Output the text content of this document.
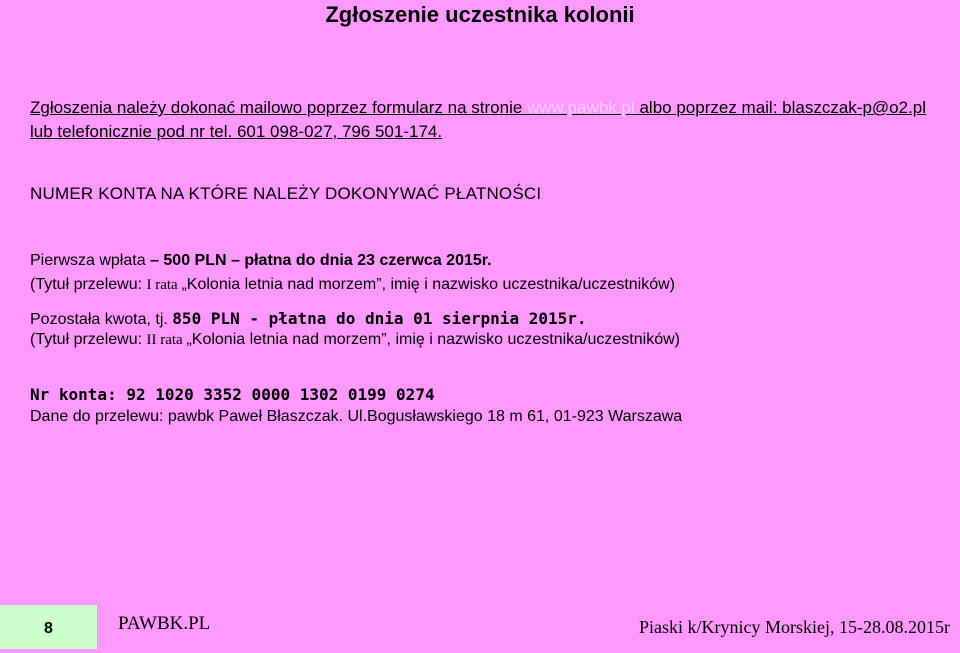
Zgłoszenie uczestnika kolonii
Zgłoszenia należy dokonać mailowo poprzez formularz na stronie www.pawbk.pl albo poprzez mail: blaszczak-p@o2.pl lub telefonicznie pod nr tel. 601 098-027, 796 501-174.
NUMER KONTA NA KTÓRE NALEŻY DOKONYWAĆ PŁATNOŚCI
Pierwsza wpłata – 500 PLN – płatna do dnia 23 czerwca 2015r.
(Tytuł przelewu: I rata „Kolonia letnia nad morzem”, imię i nazwisko uczestnika/uczestników)
Pozostała kwota, tj. 850 PLN - płatna do dnia 01 sierpnia 2015r.
(Tytuł przelewu: II rata „Kolonia letnia nad morzem”, imię i nazwisko uczestnika/uczestników)
Nr konta: 92 1020 3352 0000 1302 0199 0274
Dane do przelewu: pawbk Paweł Błaszczak. Ul.Bogusławskiego 18 m 61, 01-923 Warszawa
8	PAWBK.PL	Piaski k/Krynicy Morskiej, 15-28.08.2015r
